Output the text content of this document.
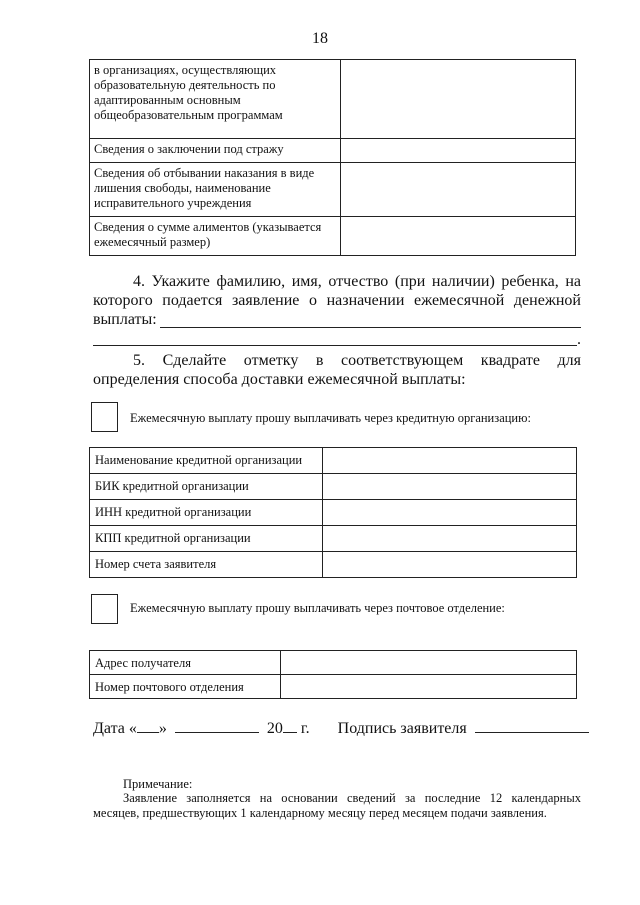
18
в организациях, осуществляющих образовательную деятельность по адаптированным основным общеобразовательным программам	
Сведения о заключении под стражу	
Сведения об отбывании наказания в виде лишения свободы, наименование исправительного учреждения	
Сведения о сумме алиментов (указывается ежемесячный размер)	
4. Укажите фамилию, имя, отчество (при наличии) ребенка, на которого подается заявление о назначении ежемесячной денежной выплаты:
.
5. Сделайте отметку в соответствующем квадрате для определения способа доставки ежемесячной выплаты:
Ежемесячную выплату прошу выплачивать через кредитную организацию:
Наименование кредитной организации	
БИК кредитной организации	
ИНН кредитной организации	
КПП кредитной организации	
Номер счета заявителя	
Ежемесячную выплату прошу выплачивать через почтовое отделение:
Адрес получателя	
Номер почтового отделения	
Дата « »	20 г. Подпись заявителя
Примечание:
Заявление заполняется на основании сведений за последние 12 календарных месяцев, предшествующих 1 календарному месяцу перед месяцем подачи заявления.
